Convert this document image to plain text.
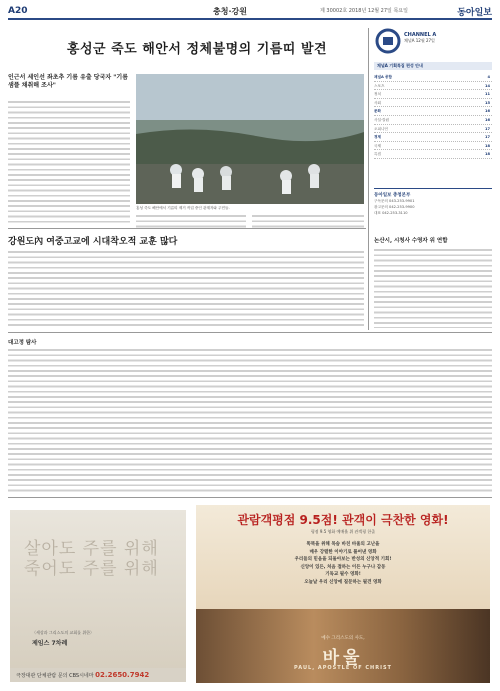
A20	충청·강원	제 30002호 2018년 12월 27일 목요일	동아일보
홍성군 죽도 해안서 정체불명의 기름띠 발견
인근서 세인선 좌초추 기름 유출 당국자 "기름 샘플 채취해 조사"
홍성 죽도 해안에서 기름띠 제거 작업 중인 관계자와 주민들.
CHANNEL A
채널A 12월 27일
채널A 기획특집 편성 안내
채널A 종합	4
스포츠	14
정치	11
사회	15
문화	16
사설·칼럼	16
오피니언	17
경제	17
국제	18
특집	18
동아일보 충청본부
구독문의 043-253-9901
광고문의 042-253-9900
대표 042-253-3110
강원도內 여중고교에 시대착오적 교훈 많다	논산시, 시청사 수영자 위 연합
대고정 탐사
살아도 주를 위해
죽어도 주를 위해
〈세상과 그리스도의 교회를 위한〉
제임스 7차례
극장대관 단체관람 문의 CBS시네마 02.2650.7942
관람객평점 9.5점! 관객이 극찬한 영화!
평점 9.5 영화 예매율 위 관객평 한줄
똑똑을 위해 목숨 바친 바울의 고난을
매우 강렬한 이야기로 풀어낸 영화
우리들의 믿음을 되돌아보는 반성의 신앙적 기회!
신앙이 있든, 처음 접하는 이든 누구나 감동
기독교 필수 영화!
오늘날 우리 신앙에 질문하는 필견 영화
예수 그리스도의 사도,
바울
PAUL, APOSTLE OF CHRIST
